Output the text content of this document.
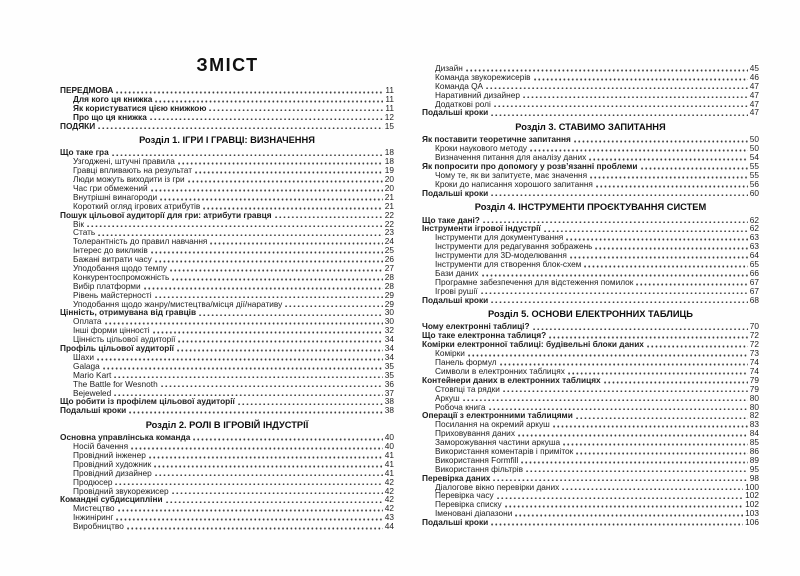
ЗМІСТ
ПЕРЕДМОВА	11
Для кого ця книжка	11
Як користуватися цією книжкою	11
Про що ця книжка	12
ПОДЯКИ	15
Розділ 1. ІГРИ І ГРАВЦІ: ВИЗНАЧЕННЯ
Що таке гра	18
Узгоджені, штучні правила	18
Гравці впливають на результат	19
Люди можуть виходити із гри	20
Час гри обмежений	20
Внутрішні винагороди	21
Короткий огляд ігрових атрибутів	21
Пошук цільової аудиторії для гри: атрибути гравця	22
Вік	22
Стать	23
Толерантність до правил навчання	24
Інтерес до викликів	25
Бажані витрати часу	26
Уподобання щодо темпу	27
Конкурентоспроможність	28
Вибір платформи	28
Рівень майстерності	29
Уподобання щодо жанру/мистецтва/місця дії/наративу	29
Цінність, отримувана від гравців	30
Оплата	30
Інші форми цінності	32
Цінність цільової аудиторії	34
Профіль цільової аудиторії	34
Шахи	34
Galaga	35
Mario Kart	35
The Battle for Wesnoth	36
Bejeweled	37
Що робити із профілем цільової аудиторії	38
Подальші кроки	38
Розділ 2. РОЛІ В ІГРОВІЙ ІНДУСТРІЇ
Основна управлінська команда	40
Носій бачення	40
Провідний інженер	41
Провідний художник	41
Провідний дизайнер	41
Продюсер	42
Провідний звукорежисер	42
Командні субдисципліни	42
Мистецтво	42
Інжиніринг	43
Виробництво	44
Дизайн	45
Команда звукорежисерів	46
Команда QA	47
Наративний дизайнер	47
Додаткові ролі	47
Подальші кроки	47
Розділ 3. СТАВИМО ЗАПИТАННЯ
Як поставити теоретичне запитання	50
Кроки наукового методу	50
Визначення питання для аналізу даних	54
Як попросити про допомогу у розв’язанні проблеми	55
Чому те, як ви запитуєте, має значення	55
Кроки до написання хорошого запитання	56
Подальші кроки	60
Розділ 4. ІНСТРУМЕНТИ ПРОЄКТУВАННЯ СИСТЕМ
Що таке дані?	62
Інструменти ігрової індустрії	62
Інструменти для документування	63
Інструменти для редагування зображень	63
Інструменти для 3D-моделювання	64
Інструменти для створення блок-схем	65
Бази даних	66
Програмне забезпечення для відстеження помилок	67
Ігрові рушії	67
Подальші кроки	68
Розділ 5. ОСНОВИ ЕЛЕКТРОННИХ ТАБЛИЦЬ
Чому електронні таблиці?	70
Що таке електронна таблиця?	72
Комірки електронної таблиці: будівельні блоки даних	72
Комірки	73
Панель формул	74
Символи в електронних таблицях	74
Контейнери даних в електронних таблицях	79
Стовпці та рядки	79
Аркуш	80
Робоча книга	80
Операції з електронними таблицями	82
Посилання на окремий аркуш	83
Приховування даних	84
Заморожування частини аркуша	85
Використання коментарів і приміток	86
Використання Formfill	89
Використання фільтрів	95
Перевірка даних	98
Діалогове вікно перевірки даних	100
Перевірка часу	102
Перевірка списку	102
Іменовані діапазони	103
Подальші кроки	106
